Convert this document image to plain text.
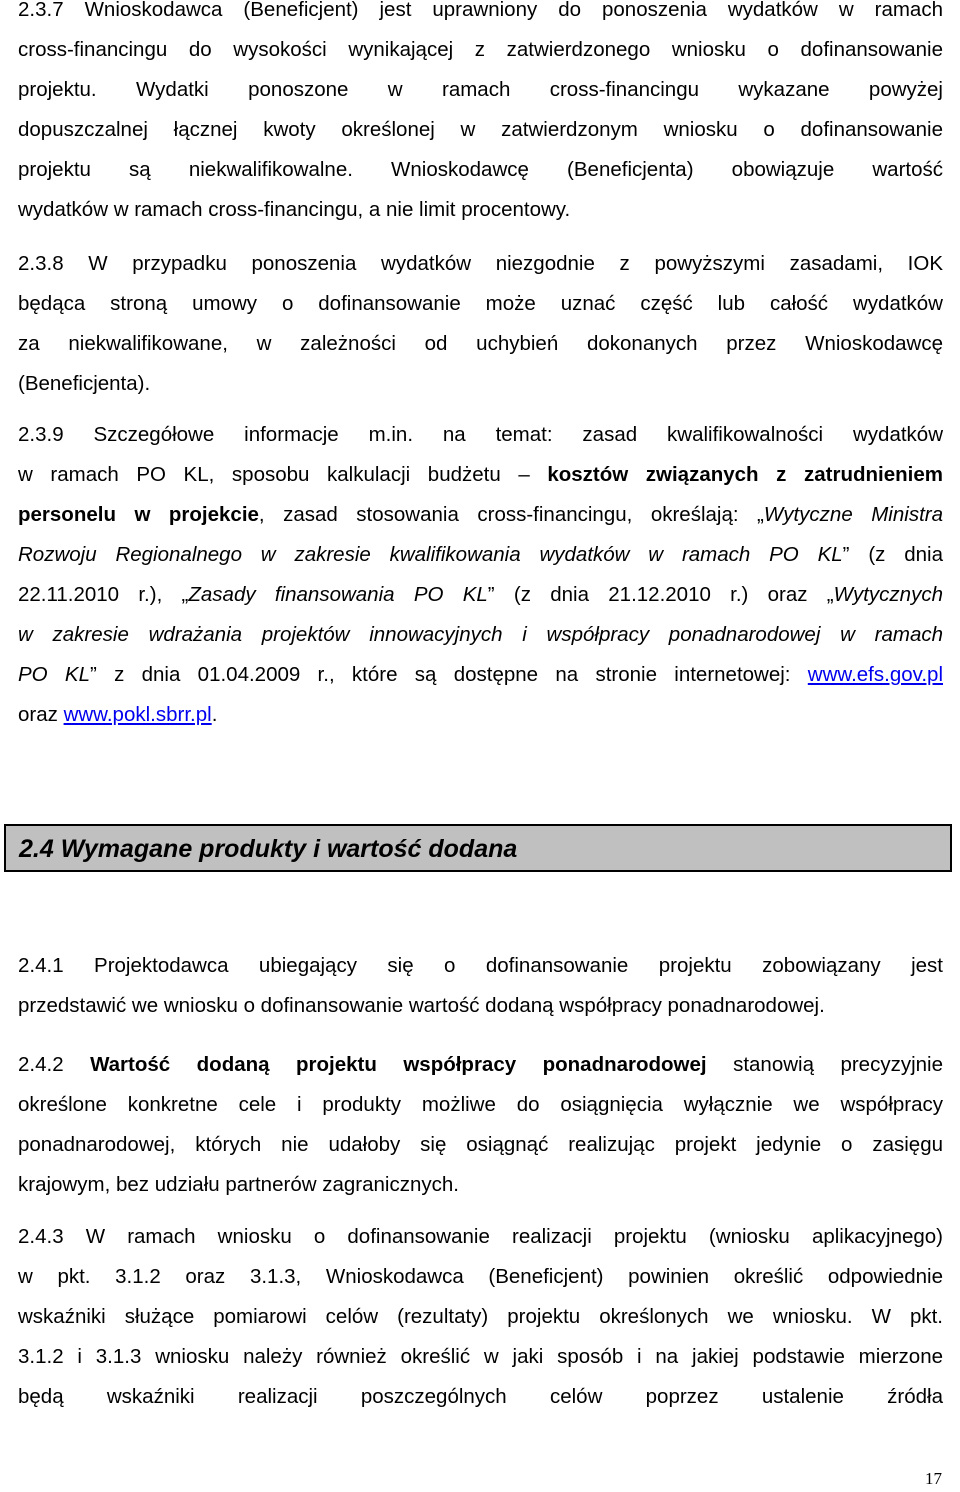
2.3.7 Wnioskodawca (Beneficjent) jest uprawniony do ponoszenia wydatków w ramach
cross-financingu do wysokości wynikającej z zatwierdzonego wniosku o dofinansowanie
projektu. Wydatki ponoszone w ramach cross-financingu wykazane powyżej
dopuszczalnej łącznej kwoty określonej w zatwierdzonym wniosku o dofinansowanie
projektu są niekwalifikowalne. Wnioskodawcę (Beneficjenta) obowiązuje wartość
wydatków w ramach cross-financingu, a nie limit procentowy.
2.3.8 W przypadku ponoszenia wydatków niezgodnie z powyższymi zasadami, IOK
będąca stroną umowy o dofinansowanie może uznać część lub całość wydatków
za niekwalifikowane, w zależności od uchybień dokonanych przez Wnioskodawcę
(Beneficjenta).
2.3.9 Szczegółowe informacje m.in. na temat: zasad kwalifikowalności wydatków
w ramach PO KL, sposobu kalkulacji budżetu – kosztów związanych z zatrudnieniem
personelu w projekcie, zasad stosowania cross-financingu, określają: „Wytyczne Ministra
Rozwoju Regionalnego w zakresie kwalifikowania wydatków w ramach PO KL” (z dnia
22.11.2010 r.), „Zasady finansowania PO KL” (z dnia 21.12.2010 r.) oraz „Wytycznych
w zakresie wdrażania projektów innowacyjnych i współpracy ponadnarodowej w ramach
PO KL” z dnia 01.04.2009 r., które są dostępne na stronie internetowej: www.efs.gov.pl
oraz www.pokl.sbrr.pl.
2.4 Wymagane produkty i wartość dodana
2.4.1 Projektodawca ubiegający się o dofinansowanie projektu zobowiązany jest
przedstawić we wniosku o dofinansowanie wartość dodaną współpracy ponadnarodowej.
2.4.2 Wartość dodaną projektu współpracy ponadnarodowej stanowią precyzyjnie
określone konkretne cele i produkty możliwe do osiągnięcia wyłącznie we współpracy
ponadnarodowej, których nie udałoby się osiągnąć realizując projekt jedynie o zasięgu
krajowym, bez udziału partnerów zagranicznych.
2.4.3 W ramach wniosku o dofinansowanie realizacji projektu (wniosku aplikacyjnego)
w pkt. 3.1.2 oraz 3.1.3, Wnioskodawca (Beneficjent) powinien określić odpowiednie
wskaźniki służące pomiarowi celów (rezultaty) projektu określonych we wniosku. W pkt.
3.1.2 i 3.1.3 wniosku należy również określić w jaki sposób i na jakiej podstawie mierzone
będą wskaźniki realizacji poszczególnych celów poprzez ustalenie źródła
17
